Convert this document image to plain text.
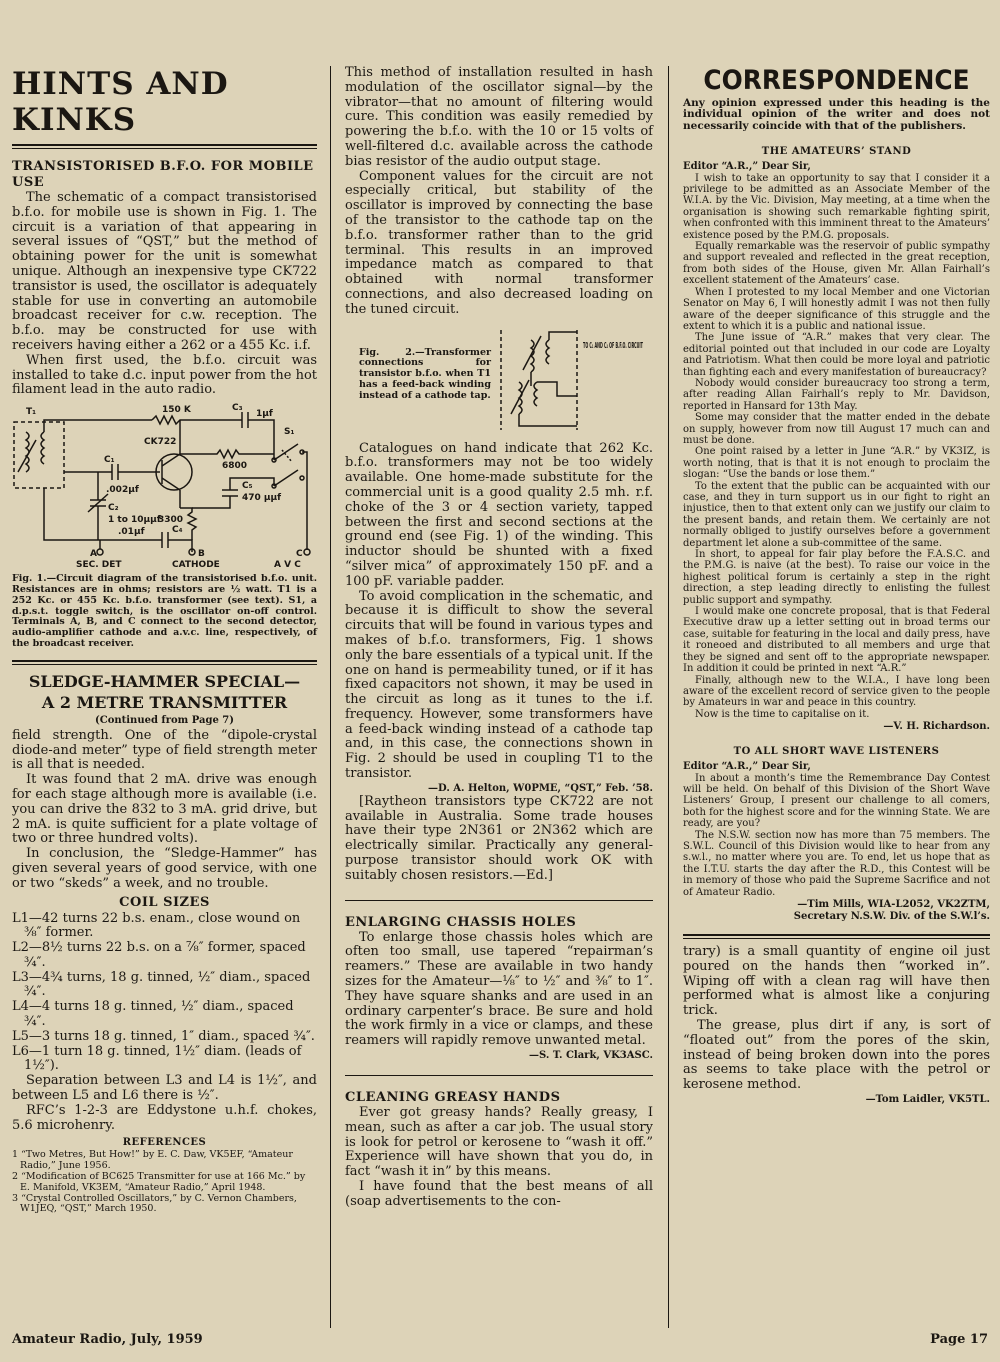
HINTS AND KINKS
TRANSISTORISED B.F.O. FOR MOBILE USE

The schematic of a compact transistorised b.f.o. for mobile use is shown in Fig. 1. The circuit is a variation of that appearing in several issues of “QST,” but the method of obtaining power for the unit is somewhat unique. Although an inexpensive type CK722 transistor is used, the oscillator is adequately stable for use in converting an automobile broadcast receiver for c.w. reception. The b.f.o. may be constructed for use with receivers having either a 262 or a 455 Kc. i.f.

When first used, the b.f.o. circuit was installed to take d.c. input power from the hot filament lead in the auto radio.

T₁	150 K	C₃
1μf
S₁
CK722
C₁
6800
.002μf
C₂
1 to 10μμf
3300
C₅
470 μμf
.01μf	C₄
A	B	C
SEC. DET	CATHODE	A V C
Fig. 1.—Circuit diagram of the transistorised b.f.o. unit. Resistances are in ohms; resistors are ½ watt. T1 is a 252 Kc. or 455 Kc. b.f.o. transformer (see text). S1, a d.p.s.t. toggle switch, is the oscillator on-off control. Terminals A, B, and C connect to the second detector, audio-amplifier cathode and a.v.c. line, respectively, of the broadcast receiver.
SLEDGE-HAMMER SPECIAL—
A 2 METRE TRANSMITTER
(Continued from Page 7)

field strength. One of the “dipole-crystal diode-and meter” type of field strength meter is all that is needed.

It was found that 2 mA. drive was enough for each stage although more is available (i.e. you can drive the 832 to 3 mA. grid drive, but 2 mA. is quite sufficient for a plate voltage of two or three hundred volts).

In conclusion, the “Sledge-Hammer” has given several years of good service, with one or two “skeds” a week, and no trouble.

COIL SIZES

L1—42 turns 22 b.s. enam., close wound on ⅜″ former.

L2—8½ turns 22 b.s. on a ⅞″ former, spaced ¾″.

L3—4¾ turns, 18 g. tinned, ½″ diam., spaced ¾″.

L4—4 turns 18 g. tinned, ½″ diam., spaced ¾″.

L5—3 turns 18 g. tinned, 1″ diam., spaced ¾″.

L6—1 turn 18 g. tinned, 1½″ diam. (leads of 1½″).

Separation between L3 and L4 is 1½″, and between L5 and L6 there is ½″.

RFC’s 1-2-3 are Eddystone u.h.f. chokes, 5.6 microhenry.

REFERENCES

1 “Two Metres, But How!” by E. C. Daw, VK5EF, “Amateur Radio,” June 1956.

2 “Modification of BC625 Transmitter for use at 166 Mc.” by E. Manifold, VK3EM, “Amateur Radio,” April 1948.

3 “Crystal Controlled Oscillators,” by C. Vernon Chambers, W1JEQ, “QST,” March 1950.

This method of installation resulted in hash modulation of the oscillator signal—by the vibrator—that no amount of filtering would cure. This condition was easily remedied by powering the b.f.o. with the 10 or 15 volts of well-filtered d.c. available across the cathode bias resistor of the audio output stage.

Component values for the circuit are not especially critical, but stability of the oscillator is improved by connecting the base of the transistor to the cathode tap on the b.f.o. transformer rather than to the grid terminal. This results in an improved impedance match as compared to that obtained with normal transformer connections, and also decreased loading on the tuned circuit.

Fig. 2.—Transformer connections for transistor b.f.o. when T1 has a feed-back winding instead of a cathode tap.
TO C₁ AND C₂ OF B.F.O. CIRCUIT

Catalogues on hand indicate that 262 Kc. b.f.o. transformers may not be too widely available. One home-made substitute for the commercial unit is a good quality 2.5 mh. r.f. choke of the 3 or 4 section variety, tapped between the first and second sections at the ground end (see Fig. 1) of the winding. This inductor should be shunted with a fixed “silver mica” of approximately 150 pF. and a 100 pF. variable padder.

To avoid complication in the schematic, and because it is difficult to show the several circuits that will be found in various types and makes of b.f.o. transformers, Fig. 1 shows only the bare essentials of a typical unit. If the one on hand is permeability tuned, or if it has fixed capacitors not shown, it may be used in the circuit as long as it tunes to the i.f. frequency. However, some transformers have a feed-back winding instead of a cathode tap and, in this case, the connections shown in Fig. 2 should be used in coupling T1 to the transistor.

—D. A. Helton, W0PME, “QST,” Feb. ’58.

[Raytheon transistors type CK722 are not available in Australia. Some trade houses have their type 2N361 or 2N362 which are electrically similar. Practically any general-purpose transistor should work OK with suitably chosen resistors.—Ed.]

ENLARGING CHASSIS HOLES

To enlarge those chassis holes which are often too small, use tapered “repairman’s reamers.” These are available in two handy sizes for the Amateur—⅛″ to ½″ and ⅜″ to 1″. They have square shanks and are used in an ordinary carpenter’s brace. Be sure and hold the work firmly in a vice or clamps, and these reamers will rapidly remove unwanted metal.

—S. T. Clark, VK3ASC.
CLEANING GREASY HANDS

Ever got greasy hands? Really greasy, I mean, such as after a car job. The usual story is look for petrol or kerosene to “wash it off.” Experience will have shown that you do, in fact “wash it in” by this means.

I have found that the best means of all (soap advertisements to the con-

CORRESPONDENCE
Any opinion expressed under this heading is the individual opinion of the writer and does not necessarily coincide with that of the publishers.
THE AMATEURS’ STAND
Editor “A.R.,” Dear Sir,

I wish to take an opportunity to say that I consider it a privilege to be admitted as an Associate Member of the W.I.A. by the Vic. Division, May meeting, at a time when the organisation is showing such remarkable fighting spirit, when confronted with this imminent threat to the Amateurs’ existence posed by the P.M.G. proposals.

Equally remarkable was the reservoir of public sympathy and support revealed and reflected in the great reception, from both sides of the House, given Mr. Allan Fairhall’s excellent statement of the Amateurs’ case.

When I protested to my local Member and one Victorian Senator on May 6, I will honestly admit I was not then fully aware of the deeper significance of this struggle and the extent to which it is a public and national issue.

The June issue of “A.R.” makes that very clear. The editorial pointed out that included in our code are Loyalty and Patriotism. What then could be more loyal and patriotic than fighting each and every manifestation of bureaucracy?

Nobody would consider bureaucracy too strong a term, after reading Allan Fairhall’s reply to Mr. Davidson, reported in Hansard for 13th May.

Some may consider that the matter ended in the debate on supply, however from now till August 17 much can and must be done.

One point raised by a letter in June “A.R.” by VK3IZ, is worth noting, that is that it is not enough to proclaim the slogan: “Use the bands or lose them.”

To the extent that the public can be acquainted with our case, and they in turn support us in our fight to right an injustice, then to that extent only can we justify our claim to the present bands, and retain them. We certainly are not normally obliged to justify ourselves before a government department let alone a sub-committee of the same.

In short, to appeal for fair play before the F.A.S.C. and the P.M.G. is naive (at the best). To raise our voice in the highest political forum is certainly a step in the right direction, a step leading directly to enlisting the fullest public support and sympathy.

I would make one concrete proposal, that is that Federal Executive draw up a letter setting out in broad terms our case, suitable for featuring in the local and daily press, have it roneoed and distributed to all members and urge that they be signed and sent off to the appropriate newspaper. In addition it could be printed in next “A.R.”

Finally, although new to the W.I.A., I have long been aware of the excellent record of service given to the people by Amateurs in war and peace in this country.

Now is the time to capitalise on it.

—V. H. Richardson.
TO ALL SHORT WAVE LISTENERS
Editor “A.R.,” Dear Sir,

In about a month’s time the Remembrance Day Contest will be held. On behalf of this Division of the Short Wave Listeners’ Group, I present our challenge to all comers, both for the highest score and for the winning State. We are ready, are you?

The N.S.W. section now has more than 75 members. The S.W.L. Council of this Division would like to hear from any s.w.l., no matter where you are. To end, let us hope that as the I.T.U. starts the day after the R.D., this Contest will be in memory of those who paid the Supreme Sacrifice and not of Amateur Radio.

—Tim Mills, WIA-L2052, VK2ZTM,
Secretary N.S.W. Div. of the S.W.l’s.

trary) is a small quantity of engine oil just poured on the hands then “worked in”. Wiping off with a clean rag will have then performed what is almost like a conjuring trick.

The grease, plus dirt if any, is sort of “floated out” from the pores of the skin, instead of being broken down into the pores as seems to take place with the petrol or kerosene method.

—Tom Laidler, VK5TL.
Amateur Radio, July, 1959	Page 17
